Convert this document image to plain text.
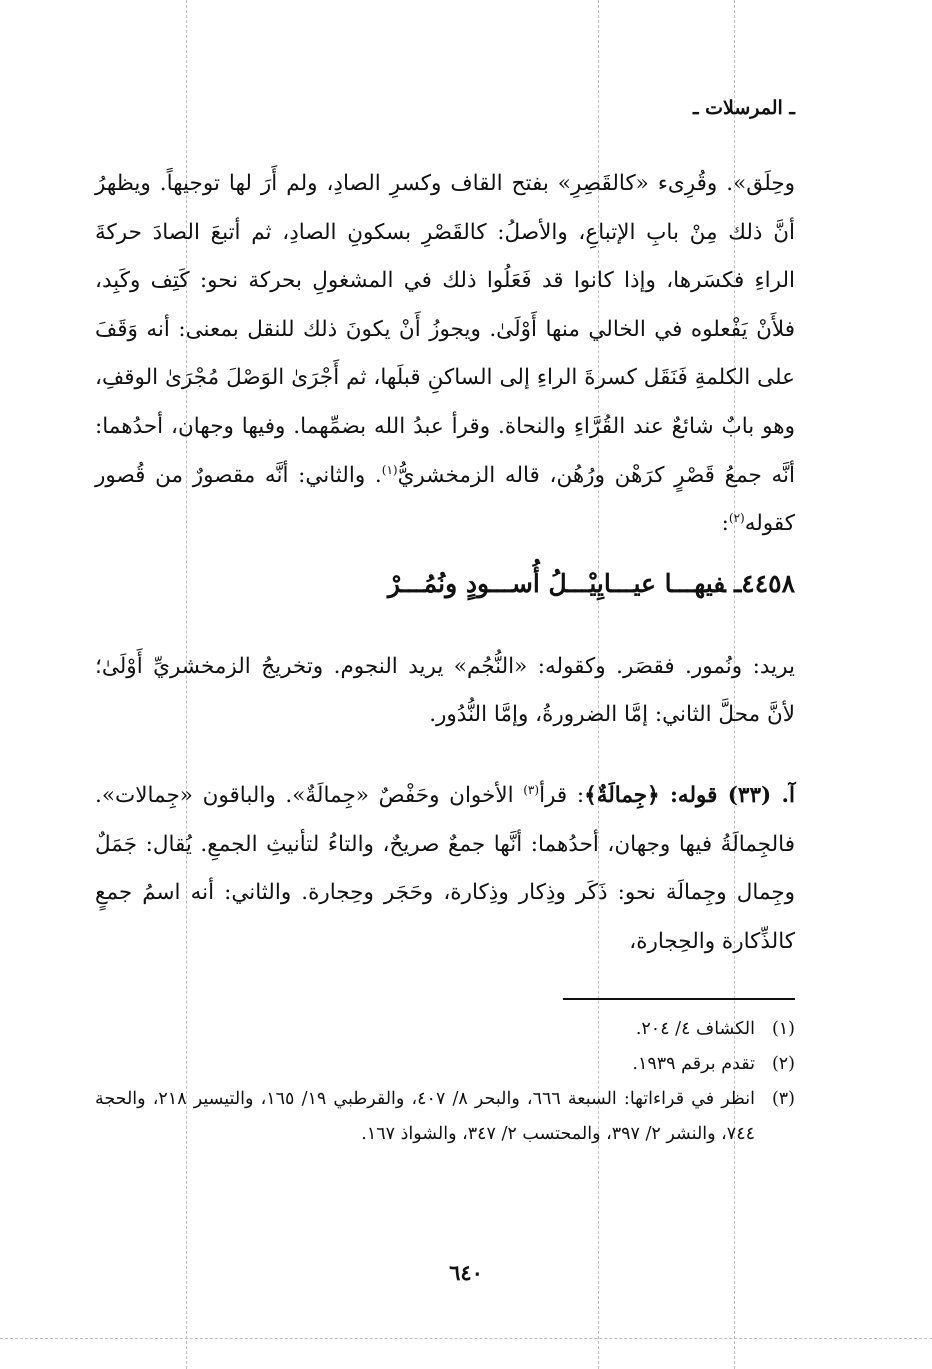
ـ المرسلات ـ

وحِلَق». وقُرِىء «كالقَصِرِ» بفتح القاف وكسرِ الصادِ، ولم أَرَ لها توجيهاً. ويظهرُ أنَّ ذلك مِنْ بابِ الإتباعِ، والأصلُ: كالقَصْرِ بسكونِ الصادِ، ثم أتبعَ الصادَ حركةَ الراءِ فكسَرها، وإذا كانوا قد فَعَلُوا ذلك في المشغولِ بحركة نحو: كَتِف وكَبِد، فلأَنْ يَفْعلوه في الخالي منها أَوْلَىٰ. ويجوزُ أَنْ يكونَ ذلك للنقل بمعنى: أنه وَقَفَ على الكلمةِ فَنَقَل كسرةَ الراءِ إلى الساكنِ قبلَها، ثم أَجْرَىٰ الوَصْلَ مُجْرَىٰ الوقفِ، وهو بابٌ شائعٌ عند القُرَّاءِ والنحاة. وقرأ عبدُ الله بضمِّهما. وفيها وجهان، أحدُهما: أنَّه جمعُ قَصْرٍ كرَهْن ورُهُن، قاله الزمخشريُّ$^{(١)}$. والثاني: أنَّه مقصورٌ من قُصور كقوله$^{(٢)}$:

٤٤٥٨ـفيهـــا عيـــايِيْـــلُ أُســـودٍ ونُمُـــرْ

يريد: ونُمور. فقصَر. وكقوله: «النُّجُم» يريد النجوم. وتخريجُ الزمخشريِّ أَوْلَىٰ؛ لأنَّ محلَّ الثاني: إمَّا الضرورةُ، وإمَّا النُّدُور.

آ. (٣٣) قوله: ﴿جِمالَةٌ﴾: قرأ$^{(٣)}$ الأخوان وحَفْصٌ «جِمالَةٌ». والباقون «جِمالات». فالجِمالَةُ فيها وجهان، أحدُهما: أنَّها جمعٌ صريحٌ، والتاءُ لتأنيثِ الجمعِ. يُقال: جَمَلٌ وجِمال وجِمالَة نحو: ذَكَر وذِكار وذِكارة، وحَجَر وحِجارة. والثاني: أنه اسمُ جمعٍ كالذِّكارة والحِجارة،

(١)
الكشاف ٤/ ٢٠٤.
(٢)
تقدم برقم ١٩٣٩.
(٣)
انظر في قراءاتها: السبعة ٦٦٦، والبحر ٨/ ٤٠٧، والقرطبي ١٩/ ١٦٥، والتيسير ٢١٨، والحجة ٧٤٤، والنشر ٢/ ٣٩٧، والمحتسب ٢/ ٣٤٧، والشواذ ١٦٧.
٦٤٠
